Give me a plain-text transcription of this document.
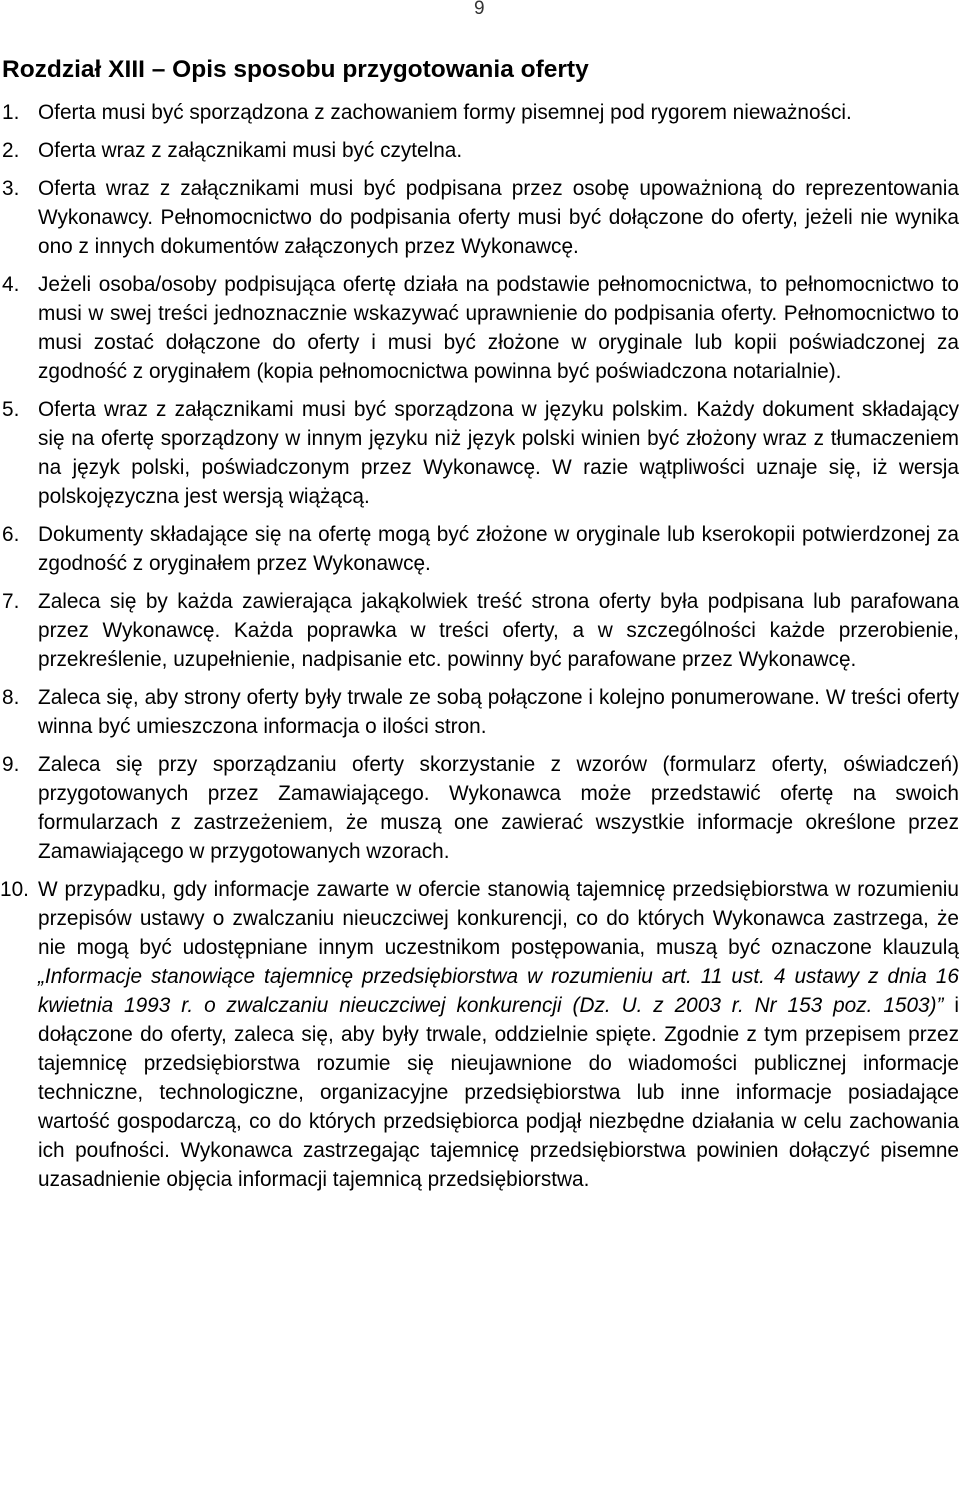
9
Rozdział XIII – Opis sposobu przygotowania oferty
1. Oferta musi być sporządzona z zachowaniem formy pisemnej pod rygorem nieważności.
2. Oferta wraz z załącznikami musi być czytelna.
3. Oferta wraz z załącznikami musi być podpisana przez osobę upoważnioną do reprezentowania Wykonawcy. Pełnomocnictwo do podpisania oferty musi być dołączone do oferty, jeżeli nie wynika ono z innych dokumentów załączonych przez Wykonawcę.
4. Jeżeli osoba/osoby podpisująca ofertę działa na podstawie pełnomocnictwa, to pełnomocnictwo to musi w swej treści jednoznacznie wskazywać uprawnienie do podpisania oferty. Pełnomocnictwo to musi zostać dołączone do oferty i musi być złożone w oryginale lub kopii poświadczonej za zgodność z oryginałem (kopia pełnomocnictwa powinna być poświadczona notarialnie).
5. Oferta wraz z załącznikami musi być sporządzona w języku polskim. Każdy dokument składający się na ofertę sporządzony w innym języku niż język polski winien być złożony wraz z tłumaczeniem na język polski, poświadczonym przez Wykonawcę. W razie wątpliwości uznaje się, iż wersja polskojęzyczna jest wersją wiążącą.
6. Dokumenty składające się na ofertę mogą być złożone w oryginale lub kserokopii potwierdzonej za zgodność z oryginałem przez Wykonawcę.
7. Zaleca się by każda zawierająca jakąkolwiek treść strona oferty była podpisana lub parafowana przez Wykonawcę. Każda poprawka w treści oferty, a w szczególności każde przerobienie, przekreślenie, uzupełnienie, nadpisanie etc. powinny być parafowane przez Wykonawcę.
8. Zaleca się, aby strony oferty były trwale ze sobą połączone i kolejno ponumerowane. W treści oferty winna być umieszczona informacja o ilości stron.
9. Zaleca się przy sporządzaniu oferty skorzystanie z wzorów (formularz oferty, oświadczeń) przygotowanych przez Zamawiającego. Wykonawca może przedstawić ofertę na swoich formularzach z zastrzeżeniem, że muszą one zawierać wszystkie informacje określone przez Zamawiającego w przygotowanych wzorach.
10. W przypadku, gdy informacje zawarte w ofercie stanowią tajemnicę przedsiębiorstwa w rozumieniu przepisów ustawy o zwalczaniu nieuczciwej konkurencji, co do których Wykonawca zastrzega, że nie mogą być udostępniane innym uczestnikom postępowania, muszą być oznaczone klauzulą „Informacje stanowiące tajemnicę przedsiębiorstwa w rozumieniu art. 11 ust. 4 ustawy z dnia 16 kwietnia 1993 r. o zwalczaniu nieuczciwej konkurencji (Dz. U. z 2003 r. Nr 153 poz. 1503)” i dołączone do oferty, zaleca się, aby były trwale, oddzielnie spięte. Zgodnie z tym przepisem przez tajemnicę przedsiębiorstwa rozumie się nieujawnione do wiadomości publicznej informacje techniczne, technologiczne, organizacyjne przedsiębiorstwa lub inne informacje posiadające wartość gospodarczą, co do których przedsiębiorca podjął niezbędne działania w celu zachowania ich poufności. Wykonawca zastrzegając tajemnicę przedsiębiorstwa powinien dołączyć pisemne uzasadnienie objęcia informacji tajemnicą przedsiębiorstwa.
